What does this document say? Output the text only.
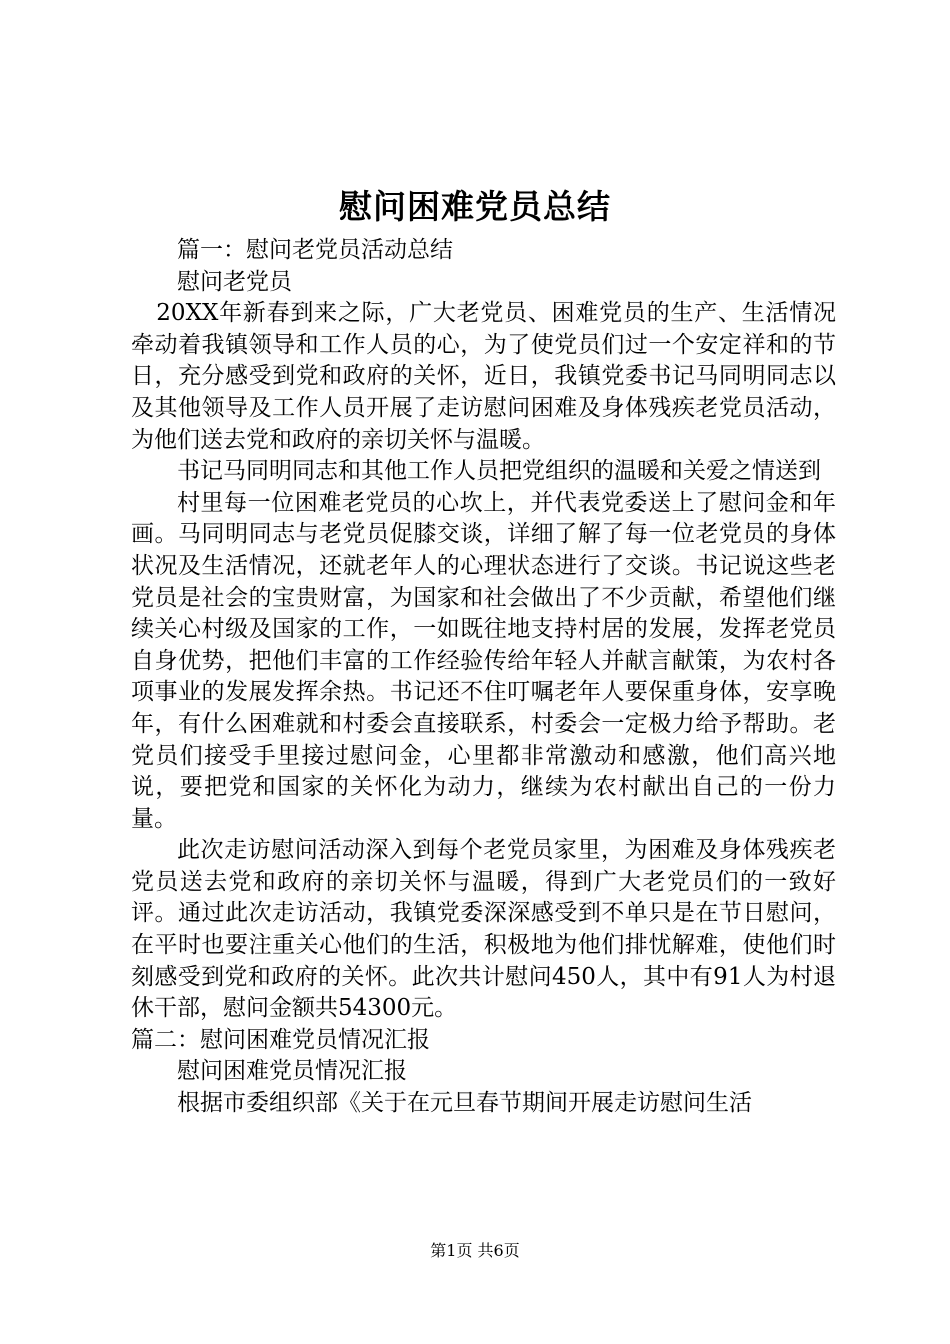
慰问困难党员总结

篇一：慰问老党员活动总结

慰问老党员

20XX年新春到来之际，广大老党员、困难党员的生产、生活情况牵动着我镇领导和工作人员的心，为了使党员们过一个安定祥和的节日，充分感受到党和政府的关怀，近日，我镇党委书记马同明同志以及其他领导及工作人员开展了走访慰问困难及身体残疾老党员活动，为他们送去党和政府的亲切关怀与温暖。

书记马同明同志和其他工作人员把党组织的温暖和关爱之情送到

村里每一位困难老党员的心坎上，并代表党委送上了慰问金和年画。马同明同志与老党员促膝交谈，详细了解了每一位老党员的身体状况及生活情况，还就老年人的心理状态进行了交谈。书记说这些老党员是社会的宝贵财富，为国家和社会做出了不少贡献，希望他们继续关心村级及国家的工作，一如既往地支持村居的发展，发挥老党员自身优势，把他们丰富的工作经验传给年轻人并献言献策，为农村各项事业的发展发挥余热。书记还不住叮嘱老年人要保重身体，安享晚年，有什么困难就和村委会直接联系，村委会一定极力给予帮助。老党员们接受手里接过慰问金，心里都非常激动和感激，他们高兴地说，要把党和国家的关怀化为动力，继续为农村献出自己的一份力量。

此次走访慰问活动深入到每个老党员家里，为困难及身体残疾老党员送去党和政府的亲切关怀与温暖，得到广大老党员们的一致好评。通过此次走访活动，我镇党委深深感受到不单只是在节日慰问，在平时也要注重关心他们的生活，积极地为他们排忧解难，使他们时刻感受到党和政府的关怀。此次共计慰问450人，其中有91人为村退休干部，慰问金额共54300元。

篇二：慰问困难党员情况汇报

慰问困难党员情况汇报

根据市委组织部《关于在元旦春节期间开展走访慰问生活

第1页 共6页
